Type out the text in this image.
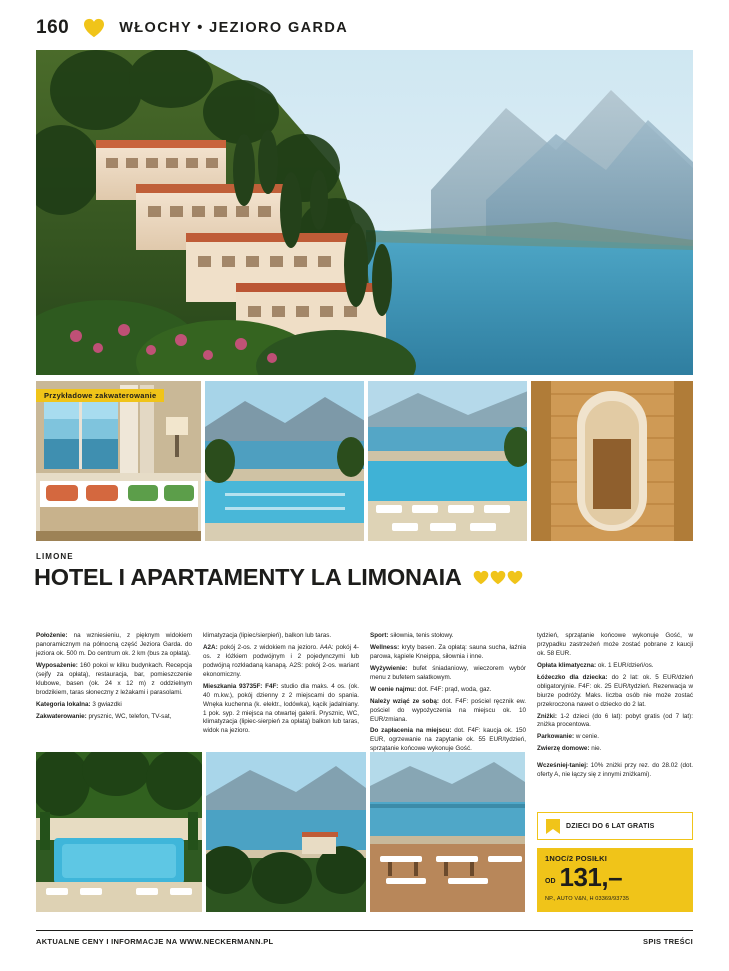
160	WŁOCHY • JEZIORO GARDA
Przykładowe zakwaterowanie
LIMONE
HOTEL I APARTAMENTY LA LIMONAIA

Położenie: na wzniesieniu, z pięknym widokiem panoramicznym na północną część Jeziora Garda. do jeziora ok. 500 m. Do centrum ok. 2 km (bus za opłatą).

Wyposażenie: 160 pokoi w kilku budynkach. Recepcja (sejfy za opłatą), restauracja, bar, pomieszczenie klubowe, basen (ok. 24 x 12 m) z oddzielnym brodzikiem, taras słoneczny z leżakami i parasolami.

Kategoria lokalna: 3 gwiazdki

Zakwaterowanie: prysznic, WC, telefon, TV-sat,

klimatyzacja (lipiec/sierpień), balkon lub taras.

A2A: pokój 2-os. z widokiem na jezioro. A4A: pokój 4-os. z łóżkiem podwójnym i 2 pojedynczymi lub podwójną rozkładaną kanapą. A2S: pokój 2-os. wariant ekonomiczny.

Mieszkania 93735F: F4F: studio dla maks. 4 os. (ok. 40 m.kw.), pokój dzienny z 2 miejscami do spania. Wnęka kuchenna (k. elektr., lodówka), kącik jadalniany. 1 pok. syp. 2 miejsca na otwartej galerii. Prysznic, WC, klimatyzacja (lipiec-sierpień za opłatą) balkon lub taras, widok na jezioro.

Sport: siłownia, tenis stołowy.

Wellness: kryty basen. Za opłatą: sauna sucha, łaźnia parowa, kąpiele Kneippa, siłownia i inne.

Wyżywienie: bufet śniadaniowy, wieczorem wybór menu z bufetem sałatkowym.

W cenie najmu: dot. F4F: prąd, woda, gaz.

Należy wziąć ze sobą: dot. F4F: pościel ręcznik ew. pościel do wypożyczenia na miejscu ok. 10 EUR/zmiana.

Do zapłacenia na miejscu: dot. F4F: kaucja ok. 150 EUR, ogrzewanie na zapytanie ok. 55 EUR/tydzień, sprzątanie końcowe wykonuje Gość.

tydzień, sprzątanie końcowe wykonuje Gość, w przypadku zastrzeżeń może zostać pobrane z kaucji ok. 58 EUR.

Opłata klimatyczna: ok. 1 EUR/dzień/os.

Łóżeczko dla dziecka: do 2 lat: ok. 5 EUR/dzień obligatoryjnie. F4F: ok. 25 EUR/tydzień. Rezerwacja w biurze podróży. Maks. liczba osób nie może zostać przekroczona nawet o dziecko do 2 lat.

Zniżki: 1-2 dzieci (do 6 lat): pobyt gratis (od 7 lat): zniżka procentowa.

Parkowanie: w cenie.

Zwierzę domowe: nie.

Wcześniej-taniej: 10% zniżki przy rez. do 28.02 (dot. oferty A, nie łączy się z innymi zniżkami).

DZIECI DO 6 LAT GRATIS
1NOC/2 POSIŁKI
OD 131,–
NP., AUTO V&N, H 03369/93735
AKTUALNE CENY I INFORMACJE NA WWW.NECKERMANN.PL	SPIS TREŚCI
